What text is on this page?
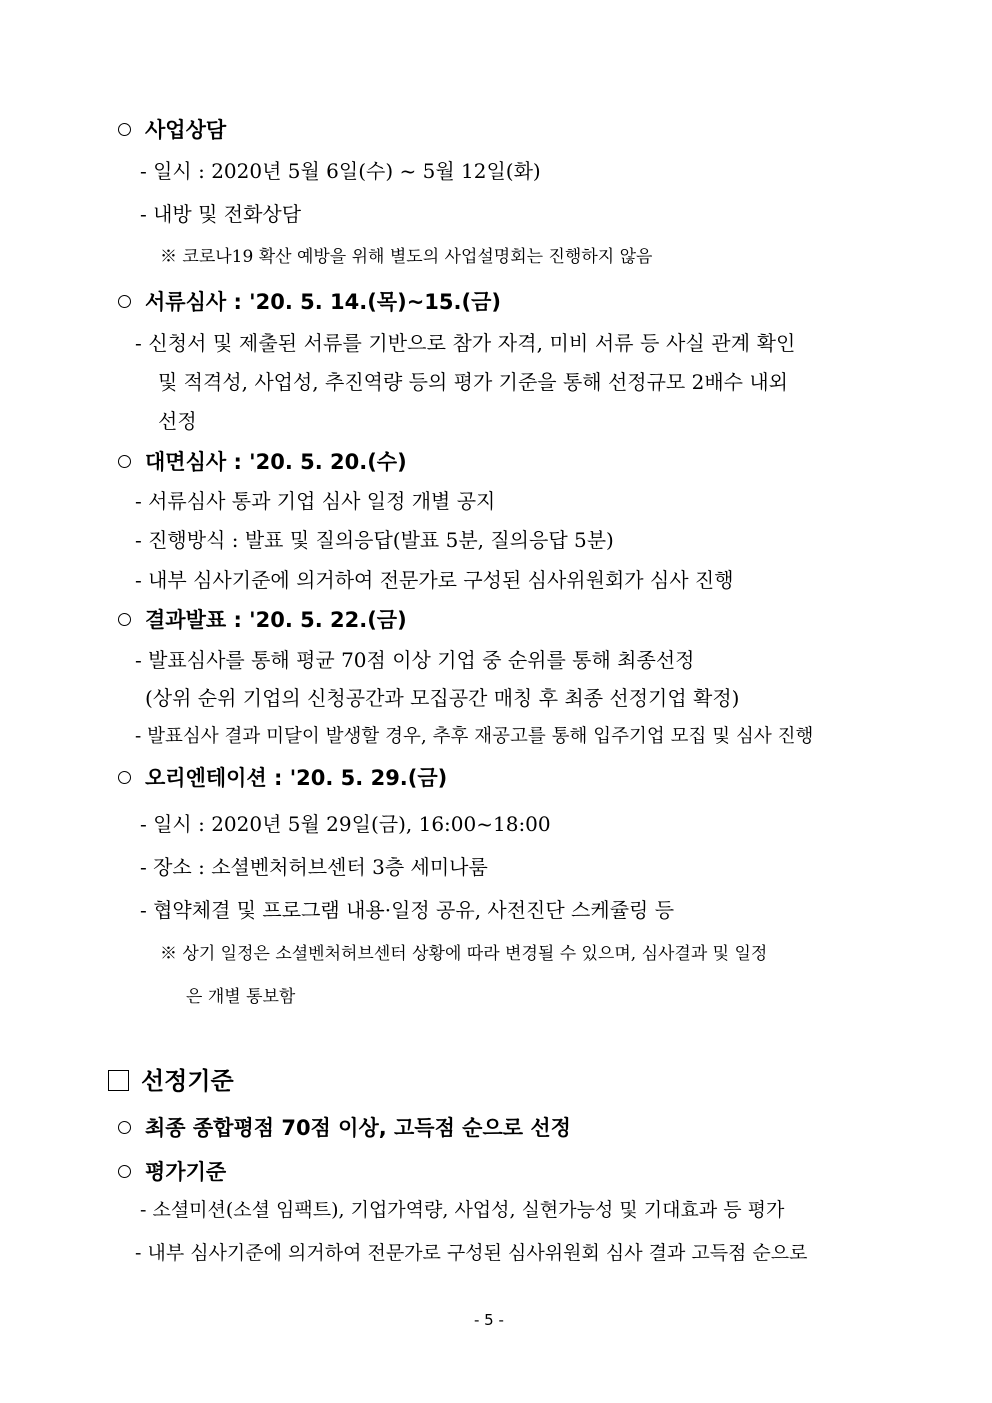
사업상담
- 일시 : 2020년 5월 6일(수) ~ 5월 12일(화)
- 내방 및 전화상담
※ 코로나19 확산 예방을 위해 별도의 사업설명회는 진행하지 않음
서류심사 : '20. 5. 14.(목)~15.(금)
- 신청서 및 제출된 서류를 기반으로 참가 자격, 미비 서류 등 사실 관계 확인
및 적격성, 사업성, 추진역량 등의 평가 기준을 통해 선정규모 2배수 내외
선정
대면심사 : '20. 5. 20.(수)
- 서류심사 통과 기업 심사 일정 개별 공지
- 진행방식 : 발표 및 질의응답(발표 5분, 질의응답 5분)
- 내부 심사기준에 의거하여 전문가로 구성된 심사위원회가 심사 진행
결과발표 : '20. 5. 22.(금)
- 발표심사를 통해 평균 70점 이상 기업 중 순위를 통해 최종선정
(상위 순위 기업의 신청공간과 모집공간 매칭 후 최종 선정기업 확정)
- 발표심사 결과 미달이 발생할 경우, 추후 재공고를 통해 입주기업 모집 및 심사 진행
오리엔테이션 : '20. 5. 29.(금)
- 일시 : 2020년 5월 29일(금), 16:00~18:00
- 장소 : 소셜벤처허브센터 3층 세미나룸
- 협약체결 및 프로그램 내용·일정 공유, 사전진단 스케쥴링 등
※ 상기 일정은 소셜벤처허브센터 상황에 따라 변경될 수 있으며, 심사결과 및 일정
은 개별 통보함
선정기준
최종 종합평점 70점 이상, 고득점 순으로 선정
평가기준
- 소셜미션(소셜 임팩트), 기업가역량, 사업성, 실현가능성 및 기대효과 등 평가
- 내부 심사기준에 의거하여 전문가로 구성된 심사위원회 심사 결과 고득점 순으로
- 5 -
